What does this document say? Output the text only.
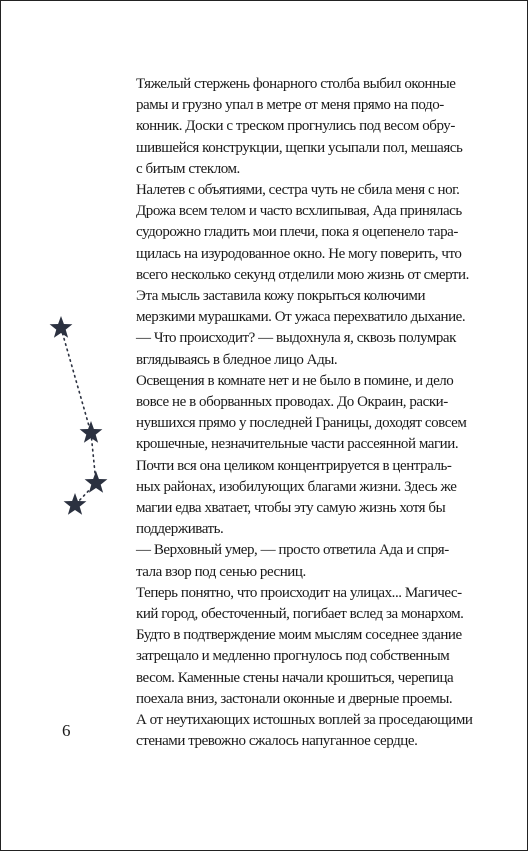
Тяжелый стержень фонарного столба выбил оконные
рамы и грузно упал в метре от меня прямо на подо-
конник. Доски с треском прогнулись под весом обру-
шившейся конструкции, щепки усыпали пол, мешаясь
с битым стеклом.

Налетев с объятиями, сестра чуть не сбила меня с ног.
Дрожа всем телом и часто всхлипывая, Ада принялась
судорожно гладить мои плечи, пока я оцепенело тара-
щилась на изуродованное окно. Не могу поверить, что
всего несколько секунд отделили мою жизнь от смерти.

Эта мысль заставила кожу покрыться колючими
мерзкими мурашками. От ужаса перехватило дыхание.

— Что происходит? — выдохнула я, сквозь полумрак
вглядываясь в бледное лицо Ады.

Освещения в комнате нет и не было в помине, и дело
вовсе не в оборванных проводах. До Окраин, раски-
нувшихся прямо у последней Границы, доходят совсем
крошечные, незначительные части рассеянной магии.
Почти вся она целиком концентрируется в централь-
ных районах, изобилующих благами жизни. Здесь же
магии едва хватает, чтобы эту самую жизнь хотя бы
поддерживать.

— Верховный умер, — просто ответила Ада и спря-
тала взор под сенью ресниц.

Теперь понятно, что происходит на улицах... Магичес-
кий город, обесточенный, погибает вслед за монархом.

Будто в подтверждение моим мыслям соседнее здание
затрещало и медленно прогнулось под собственным
весом. Каменные стены начали крошиться, черепица
поехала вниз, застонали оконные и дверные проемы.
А от неутихающих истошных воплей за проседающими
стенами тревожно сжалось напуганное сердце.

6
